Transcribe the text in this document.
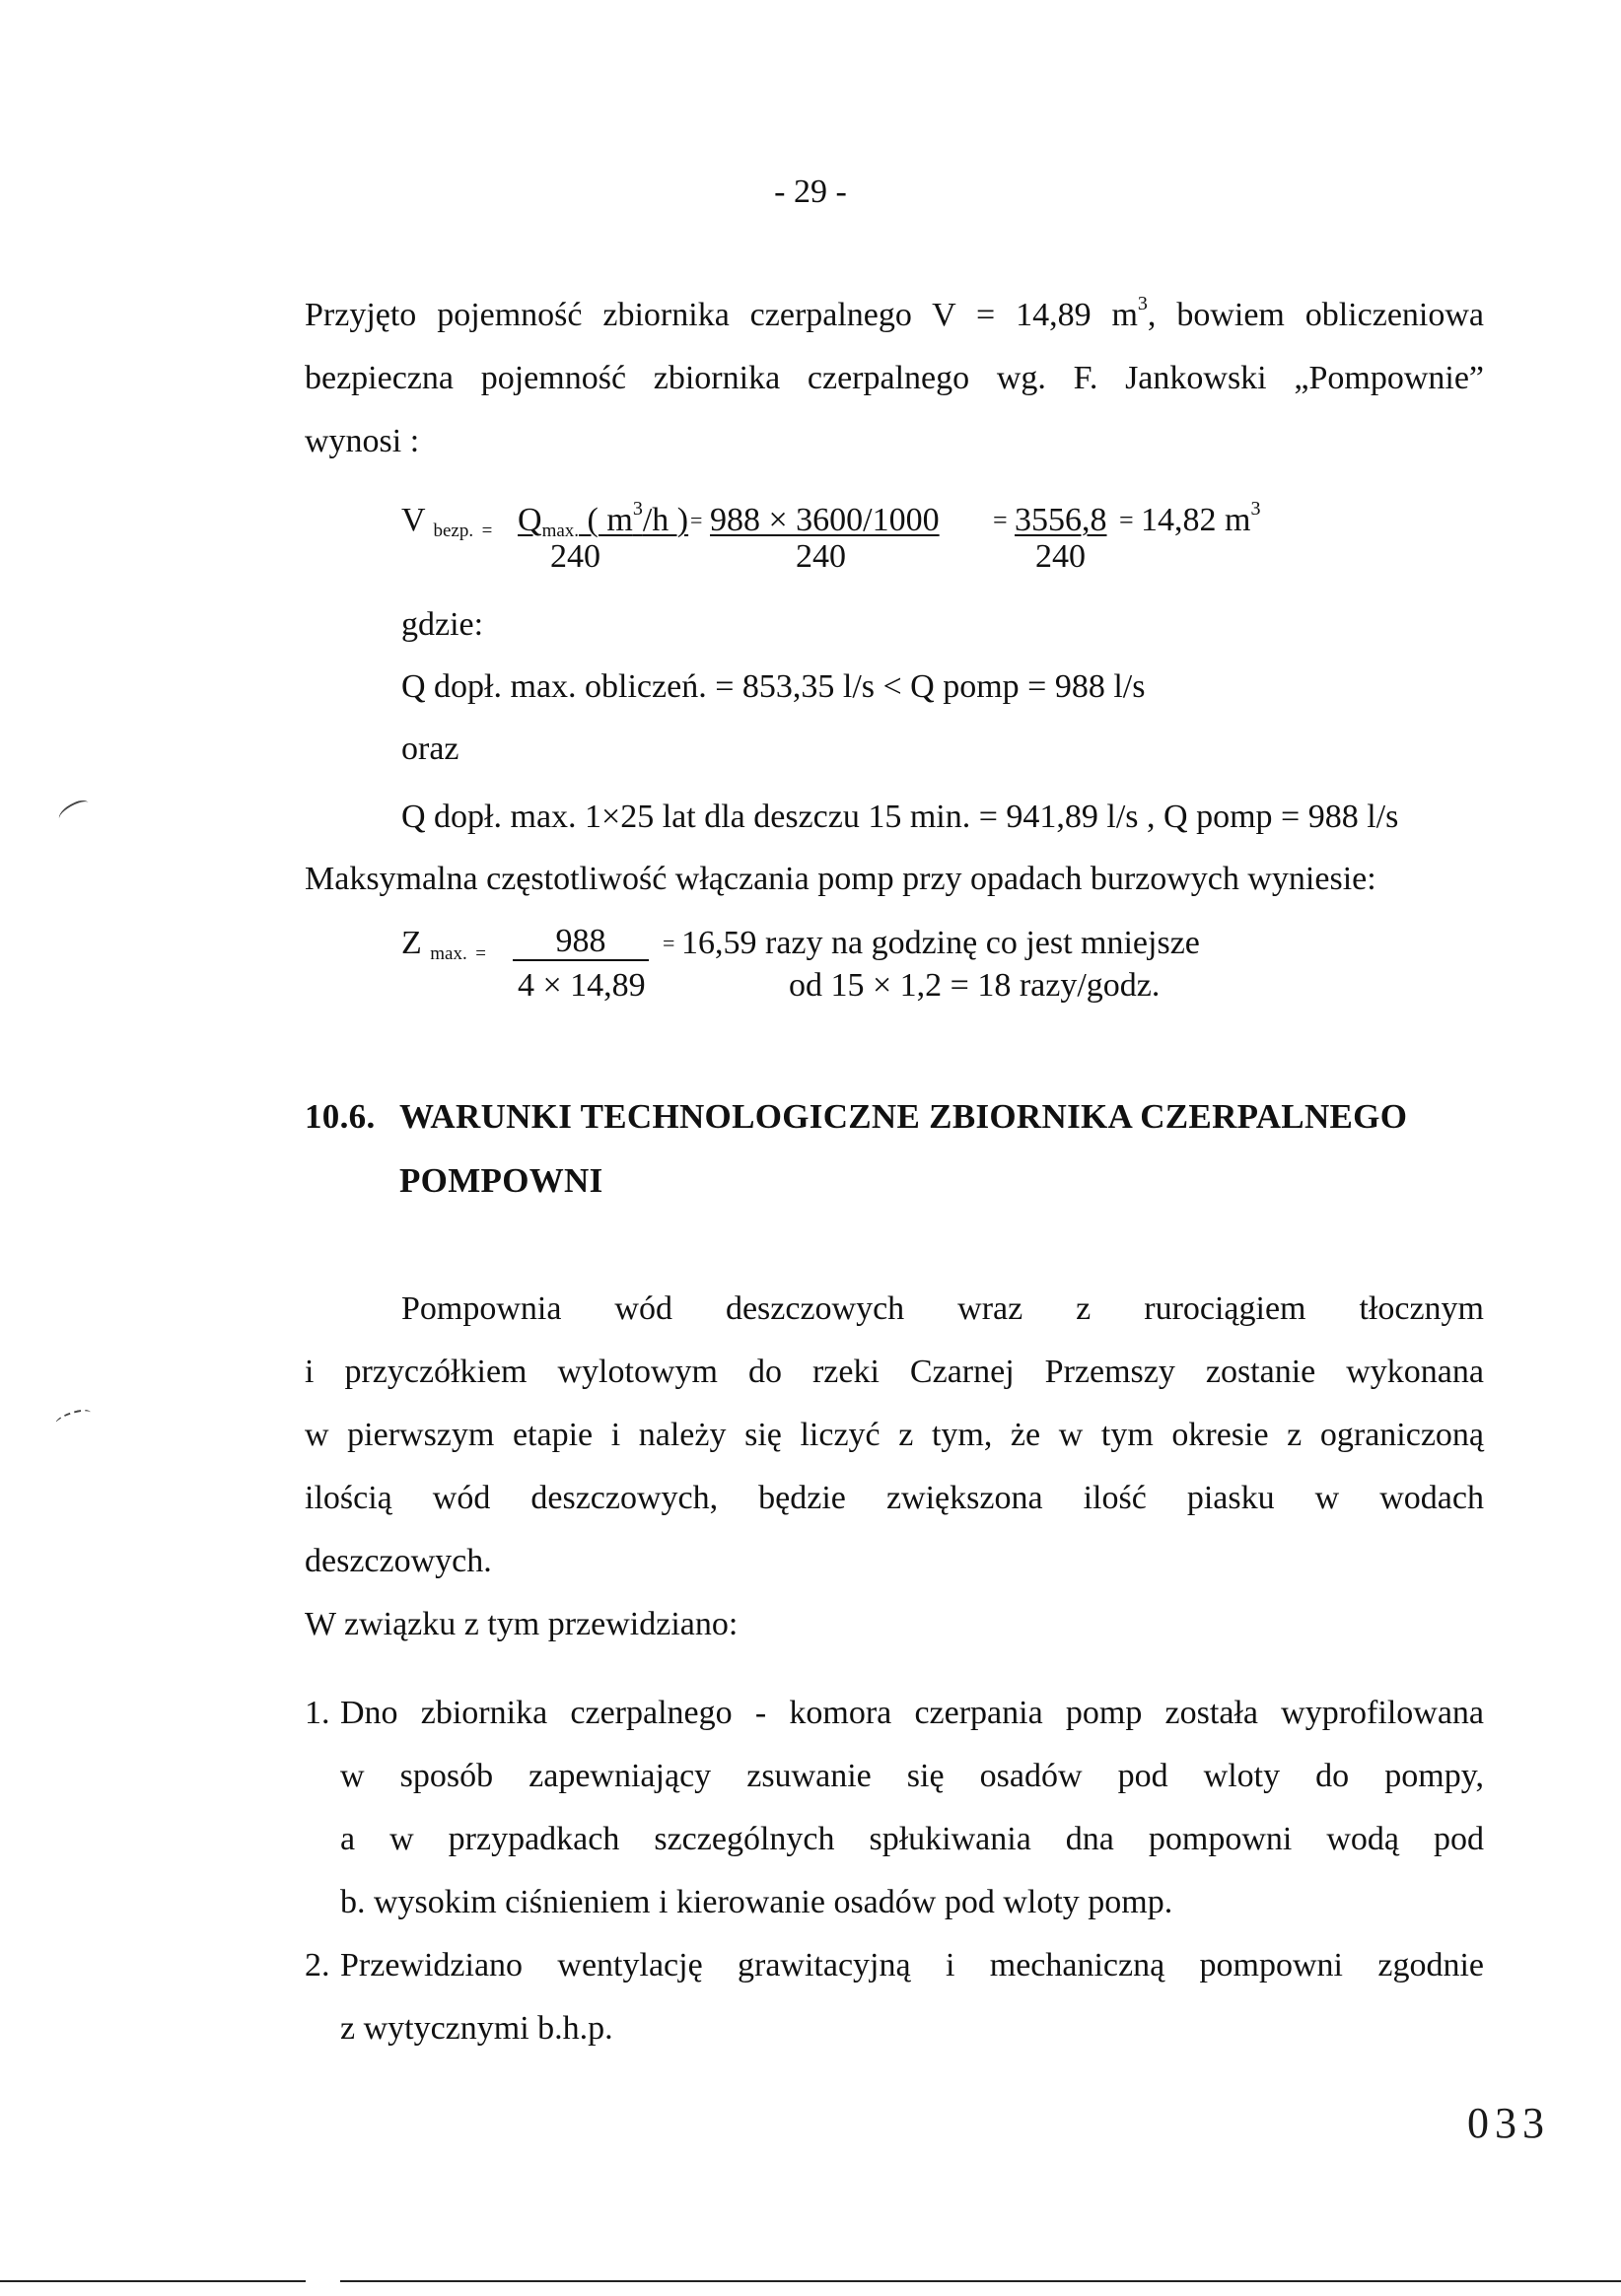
- 29 -
Przyjęto pojemność zbiornika czerpalnego V = 14,89 $m^3$, bowiem obliczeniowa
bezpieczna pojemność zbiornika czerpalnego wg. F. Jankowski „Pompownie”
wynosi :
V $_{bezp.}$ $_=$ $Q_{max.}$ ( $m^3/h$ ) = 988 × 3600/1000 = 3556,8 = 14,82 $m^3$
240	240	240
gdzie:
Q dopł. max. obliczeń. = 853,35 l/s < Q pomp = 988 l/s
oraz
Q dopł. max. 1×25 lat dla deszczu 15 min. = 941,89 l/s , Q pomp = 988 l/s
Maksymalna częstotliwość włączania pomp przy opadach burzowych wyniesie:
Z $_{max.}$ $_=$	988	= 16,59 razy na godzinę co jest mniejsze
4 × 14,89	od 15 × 1,2 = 18 razy/godz.
10.6. WARUNKI TECHNOLOGICZNE ZBIORNIKA CZERPALNEGO
POMPOWNI
Pompownia wód deszczowych wraz z rurociągiem tłocznym
i przyczółkiem wylotowym do rzeki Czarnej Przemszy zostanie wykonana
w pierwszym etapie i należy się liczyć z tym, że w tym okresie z ograniczoną
ilością wód deszczowych, będzie zwiększona ilość piasku w wodach
deszczowych.
W związku z tym przewidziano:
1. Dno zbiornika czerpalnego - komora czerpania pomp została wyprofilowana
w sposób zapewniający zsuwanie się osadów pod wloty do pompy,
a w przypadkach szczególnych spłukiwania dna pompowni wodą pod
b. wysokim ciśnieniem i kierowanie osadów pod wloty pomp.
2. Przewidziano wentylację grawitacyjną i mechaniczną pompowni zgodnie
z wytycznymi b.h.p.
033
